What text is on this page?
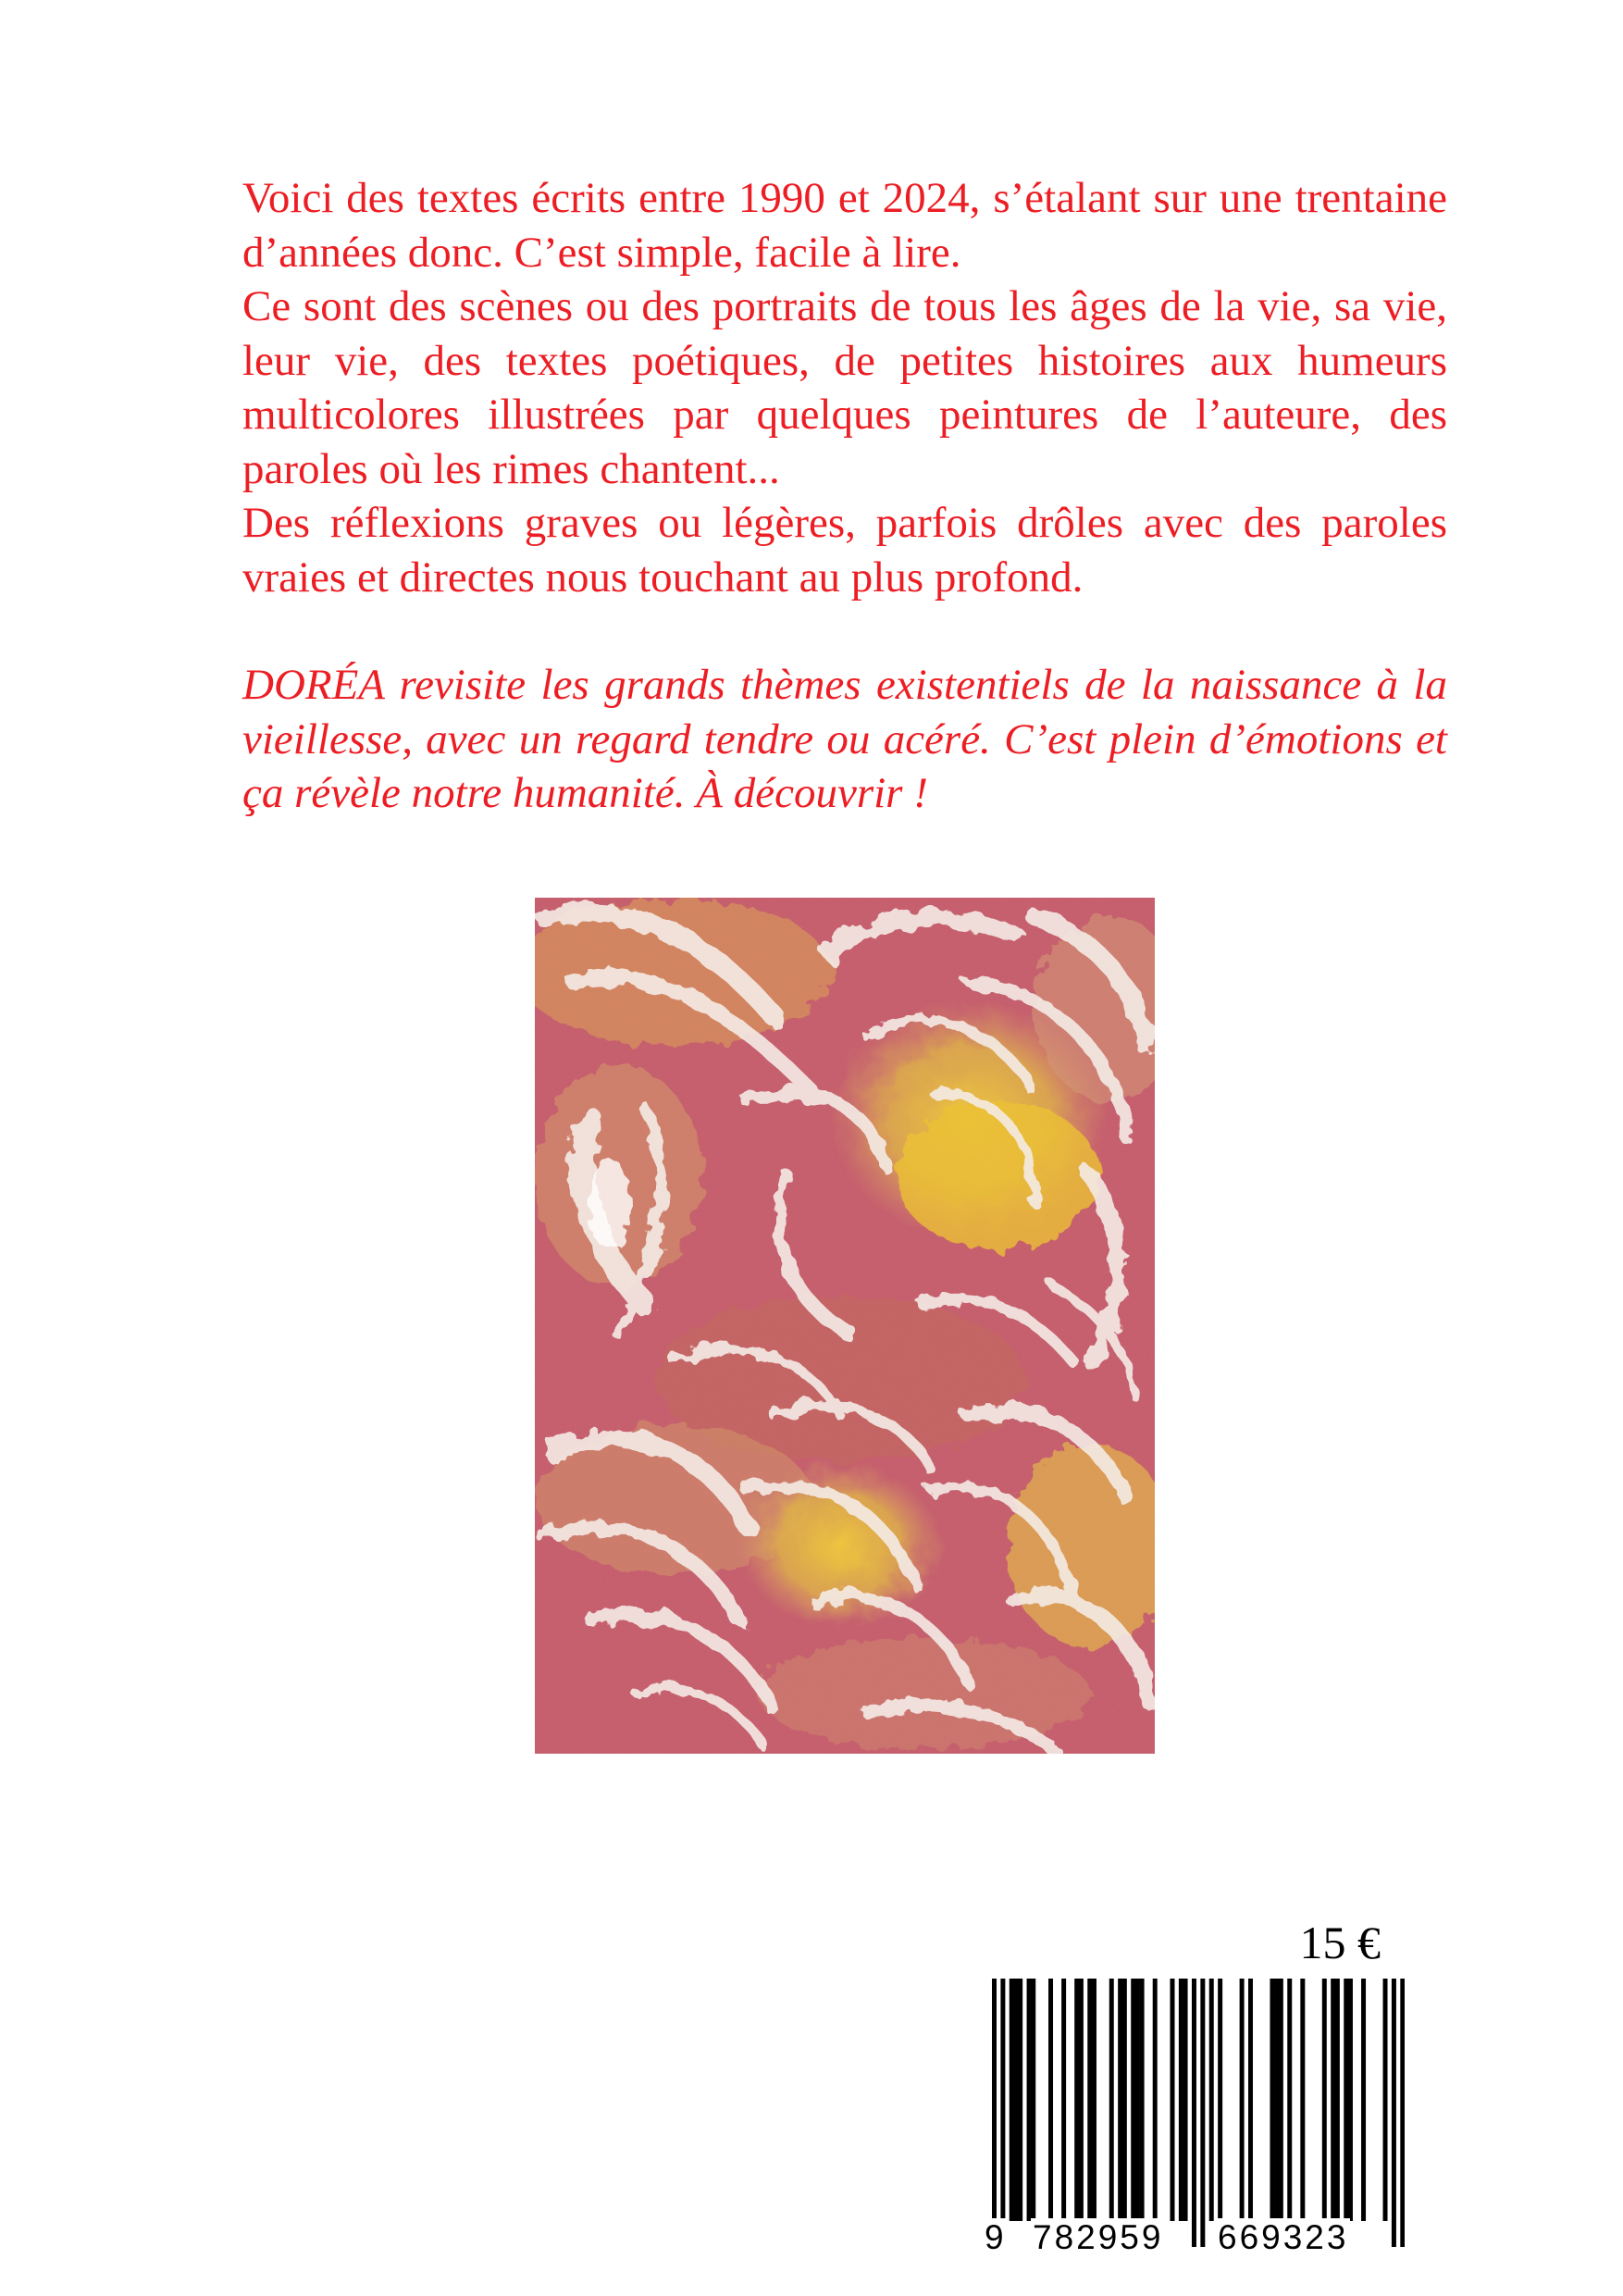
Voici des textes écrits entre 1990 et 2024, s’étalant sur une trentaine d’années donc. C’est simple, facile à lire.

Ce sont des scènes ou des portraits de tous les âges de la vie, sa vie, leur vie, des textes poétiques, de petites histoires aux humeurs multicolores illustrées par quelques peintures de l’auteure, des paroles où les rimes chantent...

Des réflexions graves ou légères, parfois drôles avec des paroles vraies et directes nous touchant au plus profond.

DORÉA revisite les grands thèmes existentiels de la naissance à la vieillesse, avec un regard tendre ou acéré. C’est plein d’émotions et ça révèle notre humanité. À découvrir !

15 €
9 782959 669323
